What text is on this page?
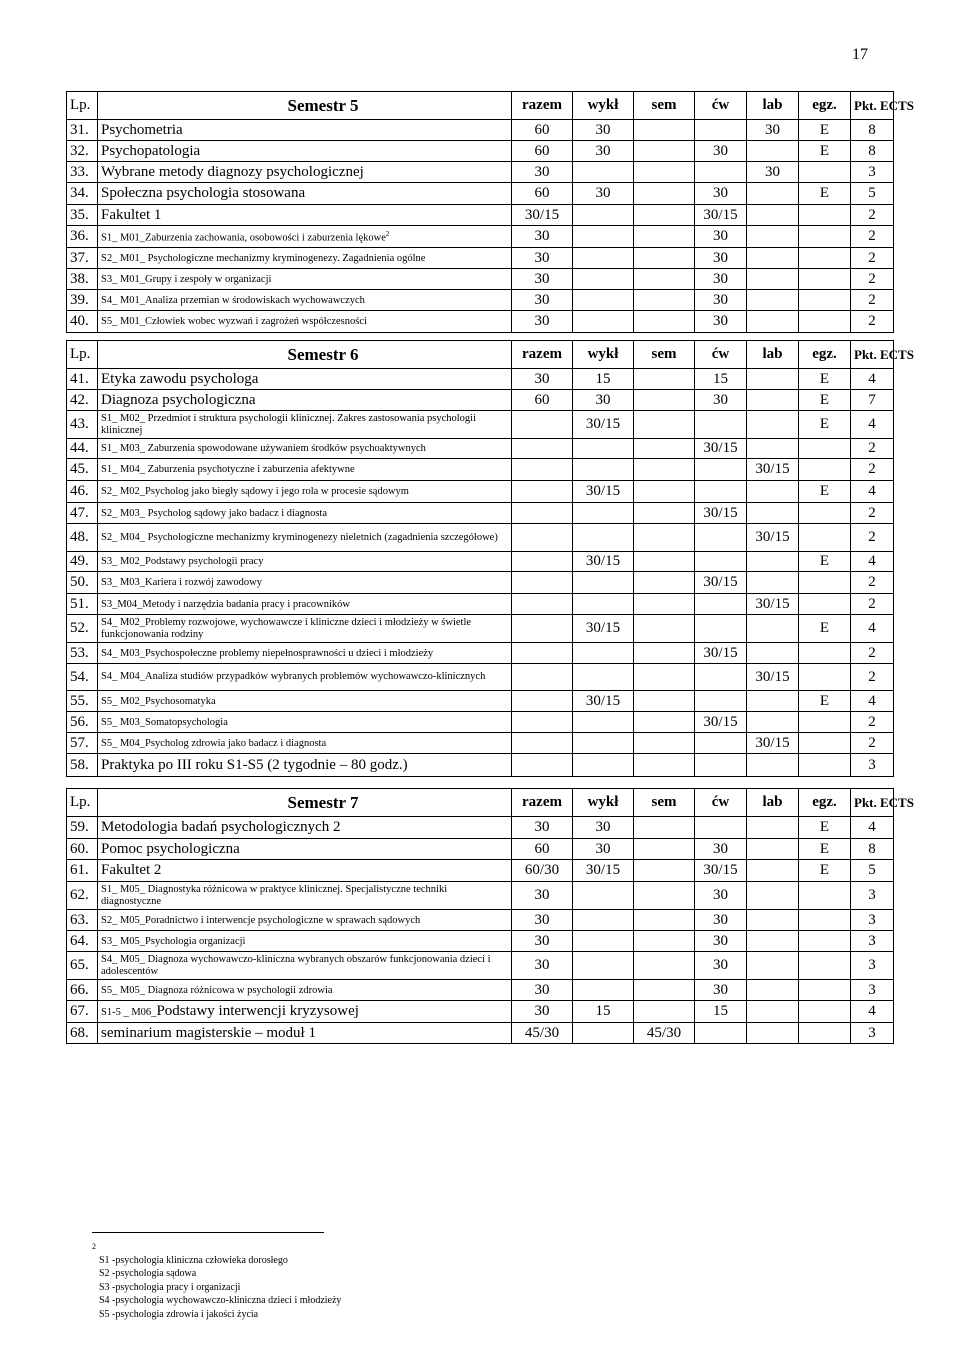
17
Lp.	Semestr 5	razem	wykł	sem	ćw	lab	egz.	Pkt. ECTS
31.	Psychometria	60	30			30	E	8
32.	Psychopatologia	60	30		30		E	8
33.	Wybrane metody diagnozy psychologicznej	30				30		3
34.	Społeczna psychologia stosowana	60	30		30		E	5
35.	Fakultet 1	30/15			30/15			2
36.	S1_ M01_Zaburzenia zachowania, osobowości i zaburzenia lękowe$^2$	30			30			2
37.	S2_ M01_ Psychologiczne mechanizmy kryminogenezy. Zagadnienia ogólne	30			30			2
38.	S3_ M01_Grupy i zespoły w organizacji	30			30			2
39.	S4_ M01_Analiza przemian w środowiskach wychowawczych	30			30			2
40.	S5_ M01_Człowiek wobec wyzwań i zagrożeń współczesności	30			30			2
Lp.	Semestr 6	razem	wykł	sem	ćw	lab	egz.	Pkt. ECTS
41.	Etyka zawodu psychologa	30	15		15		E	4
42.	Diagnoza psychologiczna	60	30		30		E	7
43.	S1_ M02_ Przedmiot i struktura psychologii klinicznej. Zakres zastosowania psychologii klinicznej		30/15				E	4
44.	S1_ M03_ Zaburzenia spowodowane używaniem środków psychoaktywnych				30/15			2
45.	S1_ M04_ Zaburzenia psychotyczne i zaburzenia afektywne					30/15		2
46.	S2_ M02_Psycholog jako biegły sądowy i jego rola w procesie sądowym		30/15				E	4
47.	S2_ M03_ Psycholog sądowy jako badacz i diagnosta				30/15			2
48.	S2_ M04_ Psychologiczne mechanizmy kryminogenezy nieletnich (zagadnienia szczegółowe)					30/15		2
49.	S3_ M02_Podstawy psychologii pracy		30/15				E	4
50.	S3_ M03_Kariera i rozwój zawodowy				30/15			2
51.	S3_M04_Metody i narzędzia badania pracy i pracowników					30/15		2
52.	S4_ M02_Problemy rozwojowe, wychowawcze i kliniczne dzieci i młodzieży w świetle funkcjonowania rodziny		30/15				E	4
53.	S4_ M03_Psychospołeczne problemy niepełnosprawności u dzieci i młodzieży				30/15			2
54.	S4_ M04_Analiza studiów przypadków wybranych problemów wychowawczo-klinicznych					30/15		2
55.	S5_ M02_Psychosomatyka		30/15				E	4
56.	S5_ M03_Somatopsychologia				30/15			2
57.	S5_ M04_Psycholog zdrowia jako badacz i diagnosta					30/15		2
58.	Praktyka po III roku S1-S5 (2 tygodnie – 80 godz.)							3
Lp.	Semestr 7	razem	wykł	sem	ćw	lab	egz.	Pkt. ECTS
59.	Metodologia badań psychologicznych 2	30	30				E	4
60.	Pomoc psychologiczna	60	30		30		E	8
61.	Fakultet 2	60/30	30/15		30/15		E	5
62.	S1_ M05_ Diagnostyka różnicowa w praktyce klinicznej. Specjalistyczne techniki diagnostyczne	30			30			3
63.	S2_ M05_Poradnictwo i interwencje psychologiczne w sprawach sądowych	30			30			3
64.	S3_ M05_Psychologia organizacji	30			30			3
65.	S4_ M05_ Diagnoza wychowawczo-kliniczna wybranych obszarów funkcjonowania dzieci i adolescentów	30			30			3
66.	S5_ M05_ Diagnoza różnicowa w psychologii zdrowia	30			30			3
67.	S1-5 _ M06_Podstawy interwencji kryzysowej	30	15		15			4
68.	seminarium magisterskie – moduł 1	45/30		45/30				3
$^2$
S1 -psychologia kliniczna człowieka dorosłego
S2 -psychologia sądowa
S3 -psychologia pracy i organizacji
S4 -psychologia wychowawczo-kliniczna dzieci i młodzieży
S5 -psychologia zdrowia i jakości życia
